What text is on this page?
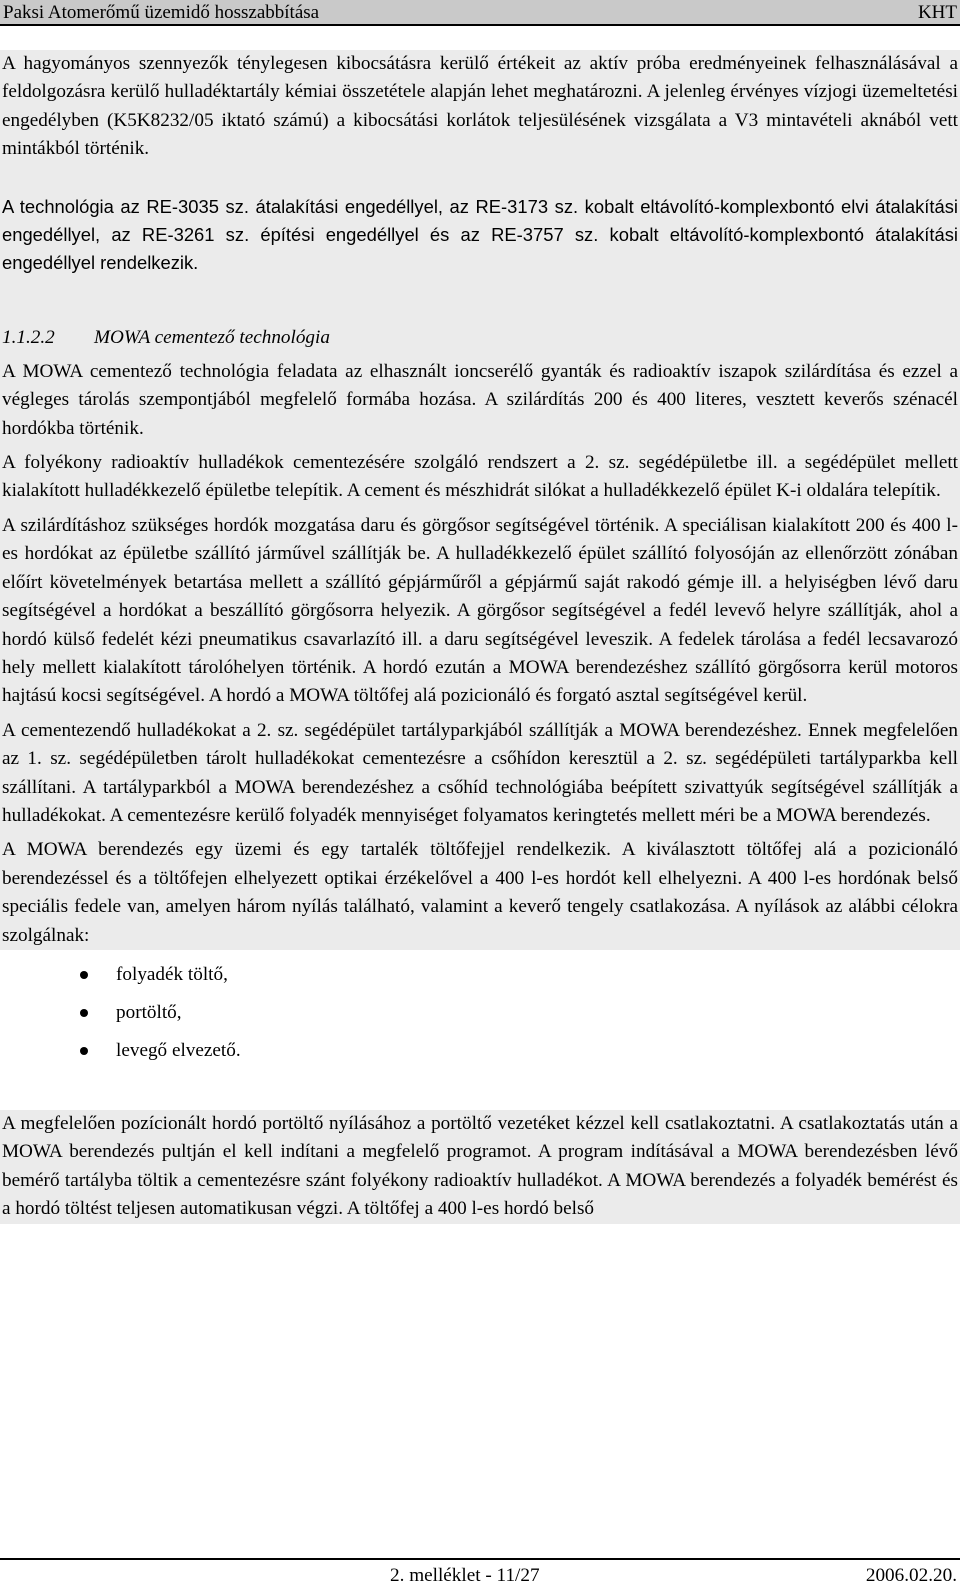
Paksi Atomerőmű üzemidő hosszabbítása	KHT

A hagyományos szennyezők ténylegesen kibocsátásra kerülő értékeit az aktív próba eredményeinek felhasználásával a feldolgozásra kerülő hulladéktartály kémiai összetétele alapján lehet meghatározni. A jelenleg érvényes vízjogi üzemeltetési engedélyben (K5K8232/05 iktató számú) a kibocsátási korlátok teljesülésének vizsgálata a V3 mintavételi aknából vett mintákból történik.

A technológia az RE-3035 sz. átalakítási engedéllyel, az RE-3173 sz. kobalt eltávolító-komplexbontó elvi átalakítási engedéllyel, az RE-3261 sz. építési engedéllyel és az RE-3757 sz. kobalt eltávolító-komplexbontó átalakítási engedéllyel rendelkezik.

1.1.2.2 MOWA cementező technológia

A MOWA cementező technológia feladata az elhasznált ioncserélő gyanták és radioaktív iszapok szilárdítása és ezzel a végleges tárolás szempontjából megfelelő formába hozása. A szilárdítás 200 és 400 literes, vesztett keverős szénacél hordókba történik.

A folyékony radioaktív hulladékok cementezésére szolgáló rendszert a 2. sz. segédépületbe ill. a segédépület mellett kialakított hulladékkezelő épületbe telepítik. A cement és mészhidrát silókat a hulladékkezelő épület K-i oldalára telepítik.

A szilárdításhoz szükséges hordók mozgatása daru és görgősor segítségével történik. A speciálisan kialakított 200 és 400 l-es hordókat az épületbe szállító járművel szállítják be. A hulladékkezelő épület szállító folyosóján az ellenőrzött zónában előírt követelmények betartása mellett a szállító gépjárműről a gépjármű saját rakodó gémje ill. a helyiségben lévő daru segítségével a hordókat a beszállító görgősorra helyezik. A görgősor segítségével a fedél levevő helyre szállítják, ahol a hordó külső fedelét kézi pneumatikus csavarlazító ill. a daru segítségével leveszik. A fedelek tárolása a fedél lecsavarozó hely mellett kialakított tárolóhelyen történik. A hordó ezután a MOWA berendezéshez szállító görgősorra kerül motoros hajtású kocsi segítségével. A hordó a MOWA töltőfej alá pozicionáló és forgató asztal segítségével kerül.

A cementezendő hulladékokat a 2. sz. segédépület tartályparkjából szállítják a MOWA berendezéshez. Ennek megfelelően az 1. sz. segédépületben tárolt hulladékokat cementezésre a csőhídon keresztül a 2. sz. segédépületi tartályparkba kell szállítani. A tartályparkból a MOWA berendezéshez a csőhíd technológiába beépített szivattyúk segítségével szállítják a hulladékokat. A cementezésre kerülő folyadék mennyiséget folyamatos keringtetés mellett méri be a MOWA berendezés.

A MOWA berendezés egy üzemi és egy tartalék töltőfejjel rendelkezik. A kiválasztott töltőfej alá a pozicionáló berendezéssel és a töltőfejen elhelyezett optikai érzékelővel a 400 l-es hordót kell elhelyezni. A 400 l-es hordónak belső speciális fedele van, amelyen három nyílás található, valamint a keverő tengely csatlakozása. A nyílások az alábbi célokra szolgálnak:

folyadék töltő,
portöltő,
levegő elvezető.

A megfelelően pozícionált hordó portöltő nyílásához a portöltő vezetéket kézzel kell csatlakoztatni. A csatlakoztatás után a MOWA berendezés pultján el kell indítani a megfelelő programot. A program indításával a MOWA berendezésben lévő bemérő tartályba töltik a cementezésre szánt folyékony radioaktív hulladékot. A MOWA berendezés a folyadék bemérést és a hordó töltést teljesen automatikusan végzi. A töltőfej a 400 l-es hordó belső

2. melléklet - 11/27	2006.02.20.
